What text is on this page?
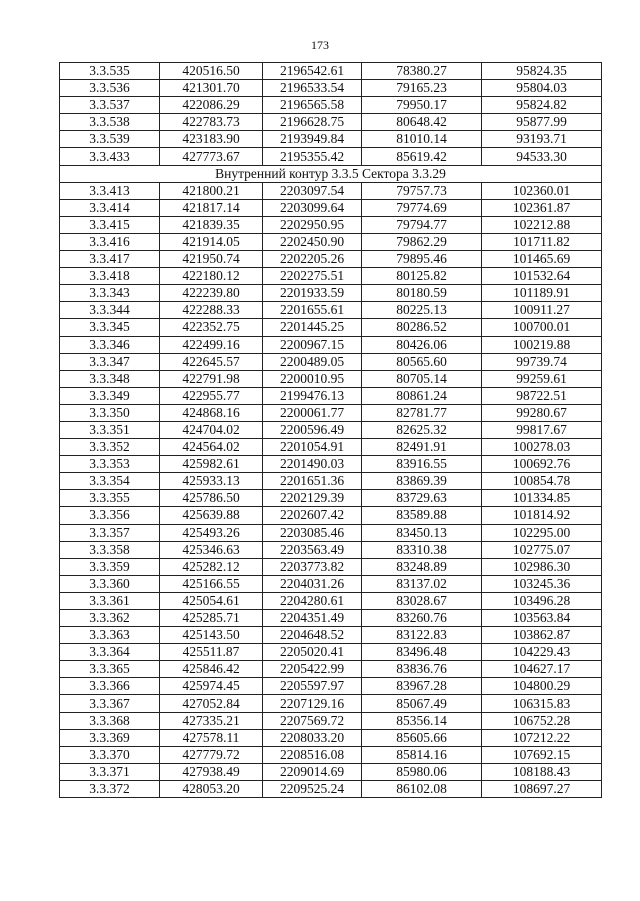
173
3.3.535	420516.50	2196542.61	78380.27	95824.35
3.3.536	421301.70	2196533.54	79165.23	95804.03
3.3.537	422086.29	2196565.58	79950.17	95824.82
3.3.538	422783.73	2196628.75	80648.42	95877.99
3.3.539	423183.90	2193949.84	81010.14	93193.71
3.3.433	427773.67	2195355.42	85619.42	94533.30
Внутренний контур 3.3.5 Сектора 3.3.29				
3.3.413	421800.21	2203097.54	79757.73	102360.01
3.3.414	421817.14	2203099.64	79774.69	102361.87
3.3.415	421839.35	2202950.95	79794.77	102212.88
3.3.416	421914.05	2202450.90	79862.29	101711.82
3.3.417	421950.74	2202205.26	79895.46	101465.69
3.3.418	422180.12	2202275.51	80125.82	101532.64
3.3.343	422239.80	2201933.59	80180.59	101189.91
3.3.344	422288.33	2201655.61	80225.13	100911.27
3.3.345	422352.75	2201445.25	80286.52	100700.01
3.3.346	422499.16	2200967.15	80426.06	100219.88
3.3.347	422645.57	2200489.05	80565.60	99739.74
3.3.348	422791.98	2200010.95	80705.14	99259.61
3.3.349	422955.77	2199476.13	80861.24	98722.51
3.3.350	424868.16	2200061.77	82781.77	99280.67
3.3.351	424704.02	2200596.49	82625.32	99817.67
3.3.352	424564.02	2201054.91	82491.91	100278.03
3.3.353	425982.61	2201490.03	83916.55	100692.76
3.3.354	425933.13	2201651.36	83869.39	100854.78
3.3.355	425786.50	2202129.39	83729.63	101334.85
3.3.356	425639.88	2202607.42	83589.88	101814.92
3.3.357	425493.26	2203085.46	83450.13	102295.00
3.3.358	425346.63	2203563.49	83310.38	102775.07
3.3.359	425282.12	2203773.82	83248.89	102986.30
3.3.360	425166.55	2204031.26	83137.02	103245.36
3.3.361	425054.61	2204280.61	83028.67	103496.28
3.3.362	425285.71	2204351.49	83260.76	103563.84
3.3.363	425143.50	2204648.52	83122.83	103862.87
3.3.364	425511.87	2205020.41	83496.48	104229.43
3.3.365	425846.42	2205422.99	83836.76	104627.17
3.3.366	425974.45	2205597.97	83967.28	104800.29
3.3.367	427052.84	2207129.16	85067.49	106315.83
3.3.368	427335.21	2207569.72	85356.14	106752.28
3.3.369	427578.11	2208033.20	85605.66	107212.22
3.3.370	427779.72	2208516.08	85814.16	107692.15
3.3.371	427938.49	2209014.69	85980.06	108188.43
3.3.372	428053.20	2209525.24	86102.08	108697.27
